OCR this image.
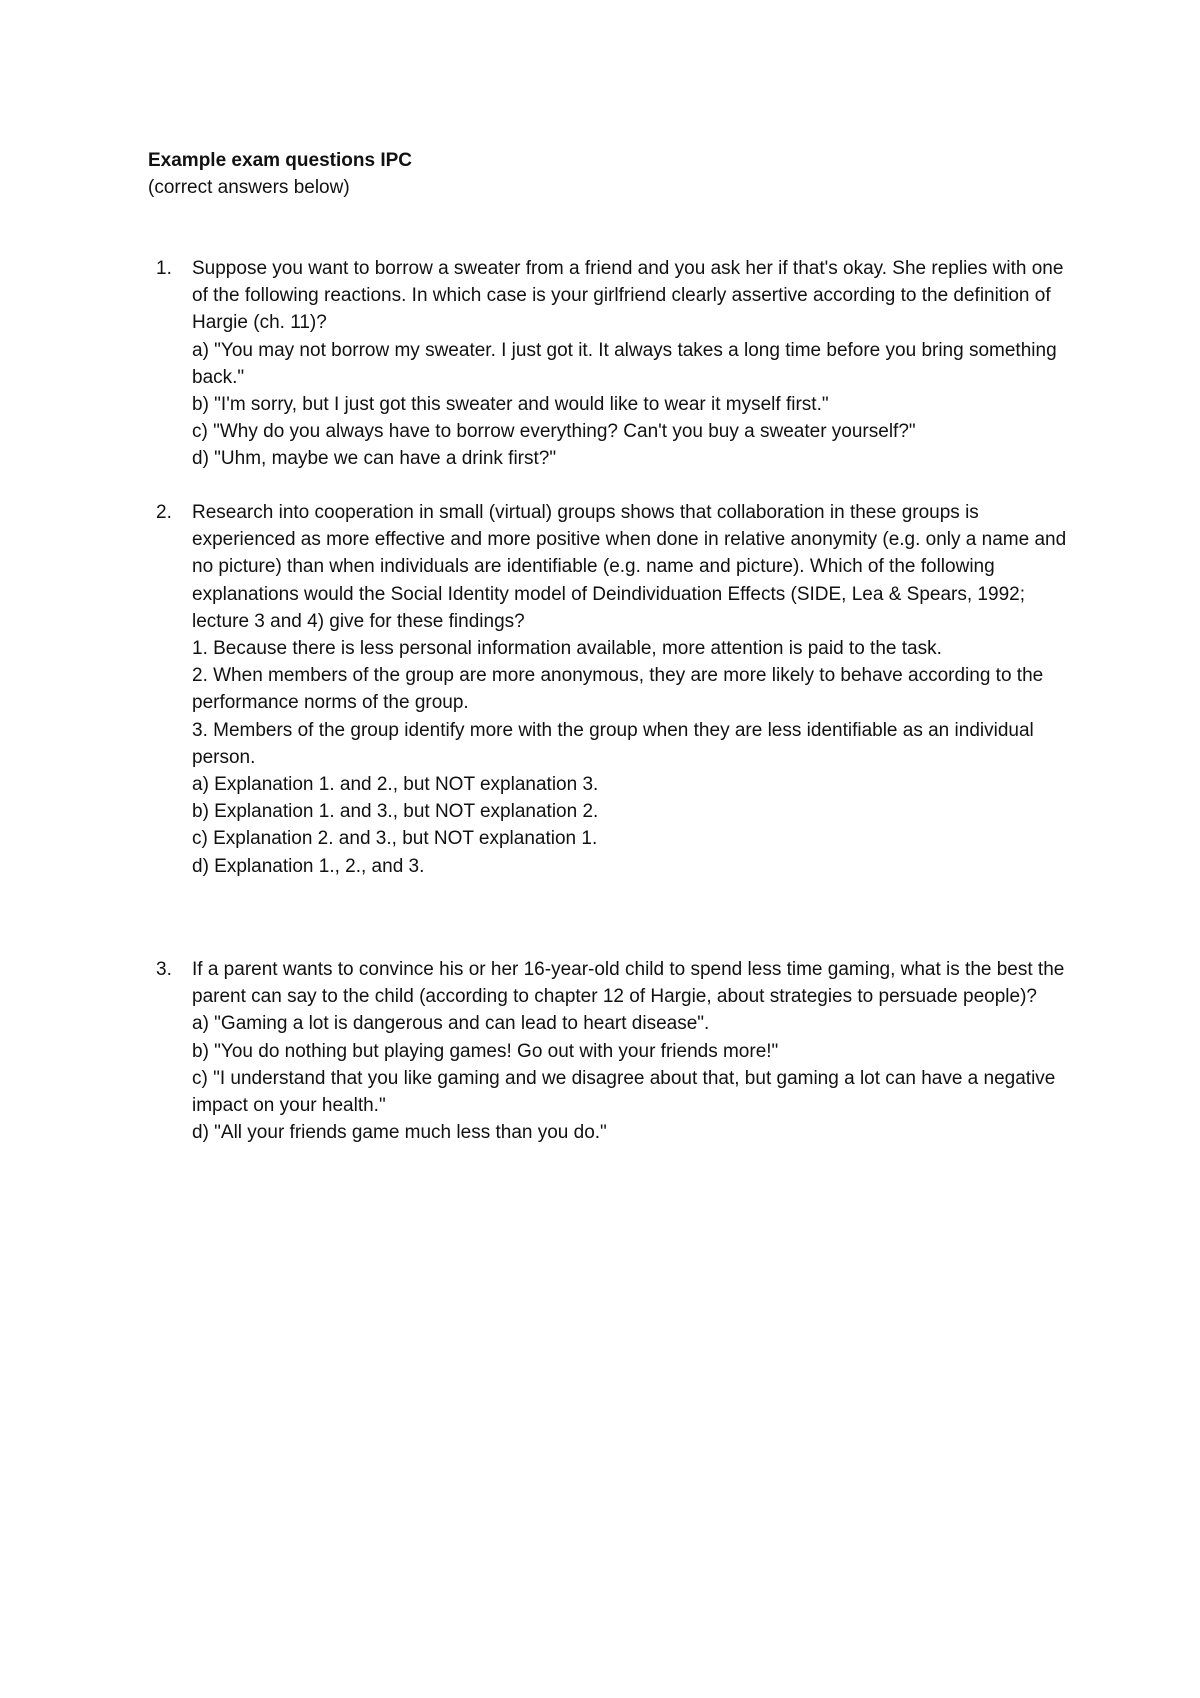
Example exam questions IPC
(correct answers below)
1.	Suppose you want to borrow a sweater from a friend and you ask her if that's okay. She replies with one of the following reactions. In which case is your girlfriend clearly assertive according to the definition of Hargie (ch. 11)?

a) "You may not borrow my sweater. I just got it. It always takes a long time before you bring something back."

b) "I'm sorry, but I just got this sweater and would like to wear it myself first."

c) "Why do you always have to borrow everything? Can't you buy a sweater yourself?"

d) "Uhm, maybe we can have a drink first?"

2.	Research into cooperation in small (virtual) groups shows that collaboration in these groups is experienced as more effective and more positive when done in relative anonymity (e.g. only a name and no picture) than when individuals are identifiable (e.g. name and picture). Which of the following explanations would the Social Identity model of Deindividuation Effects (SIDE, Lea & Spears, 1992; lecture 3 and 4) give for these findings?

1. Because there is less personal information available, more attention is paid to the task.

2. When members of the group are more anonymous, they are more likely to behave according to the performance norms of the group.

3. Members of the group identify more with the group when they are less identifiable as an individual person.

a) Explanation 1. and 2., but NOT explanation 3.

b) Explanation 1. and 3., but NOT explanation 2.

c) Explanation 2. and 3., but NOT explanation 1.

d) Explanation 1., 2., and 3.

3.	If a parent wants to convince his or her 16-year-old child to spend less time gaming, what is the best the parent can say to the child (according to chapter 12 of Hargie, about strategies to persuade people)?

a) "Gaming a lot is dangerous and can lead to heart disease".

b) "You do nothing but playing games! Go out with your friends more!"

c) "I understand that you like gaming and we disagree about that, but gaming a lot can have a negative impact on your health."

d) "All your friends game much less than you do."
